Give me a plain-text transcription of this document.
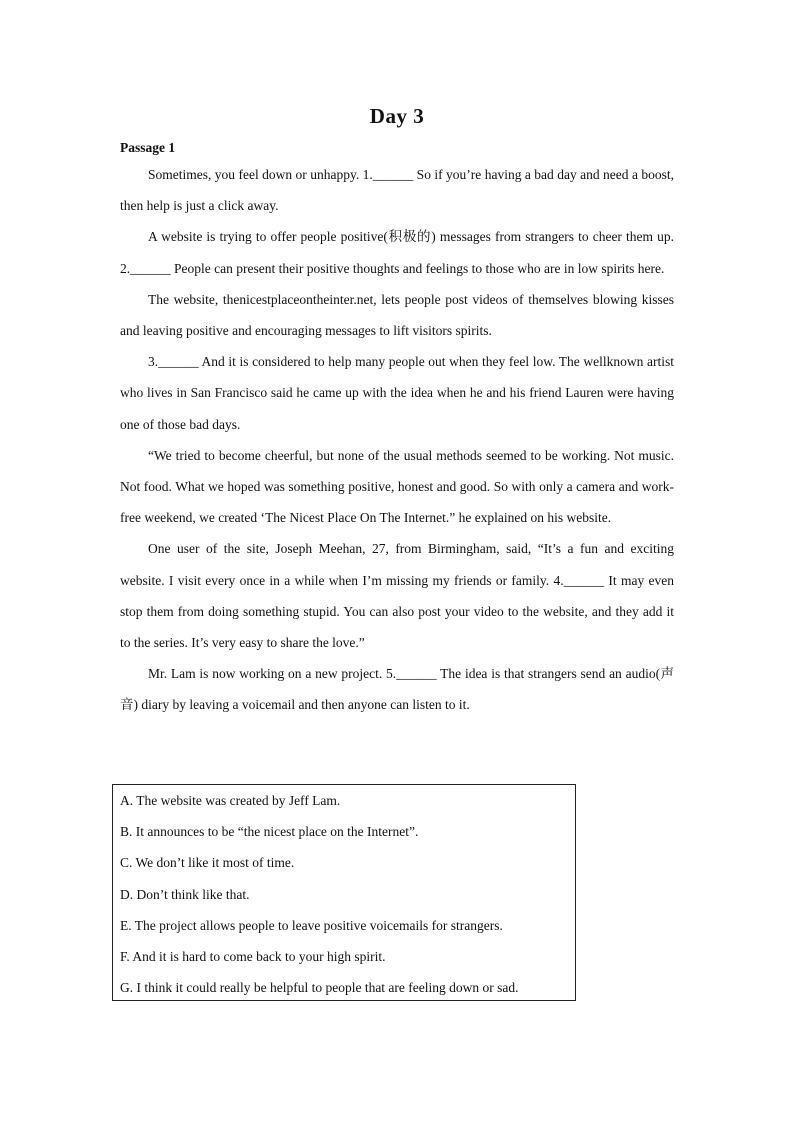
Day 3
Passage 1

Sometimes, you feel down or unhappy. 1.______ So if you’re having a bad day and need a boost, then help is just a click away.

A website is trying to offer people positive(积极的) messages from strangers to cheer them up. 2.______ People can present their positive thoughts and feelings to those who are in low spirits here.

The website, thenicestplaceontheinter.net, lets people post videos of themselves blowing kisses and leaving positive and encouraging messages to lift visitors spirits.

3.______ And it is considered to help many people out when they feel low. The wellknown artist who lives in San Francisco said he came up with the idea when he and his friend Lauren were having one of those bad days.

“We tried to become cheerful, but none of the usual methods seemed to be working. Not music. Not food. What we hoped was something positive, honest and good. So with only a camera and work-free weekend, we created ‘The Nicest Place On The Internet.” he explained on his website.

One user of the site, Joseph Meehan, 27, from Birmingham, said, “It’s a fun and exciting website. I visit every once in a while when I’m missing my friends or family. 4.______ It may even stop them from doing something stupid. You can also post your video to the website, and they add it to the series. It’s very easy to share the love.”

Mr. Lam is now working on a new project. 5.______ The idea is that strangers send an audio(声音) diary by leaving a voicemail and then anyone can listen to it.

A. The website was created by Jeff Lam.
B. It announces to be “the nicest place on the Internet”.
C. We don’t like it most of time.
D. Don’t think like that.
E. The project allows people to leave positive voicemails for strangers.
F. And it is hard to come back to your high spirit.
G. I think it could really be helpful to people that are feeling down or sad.
